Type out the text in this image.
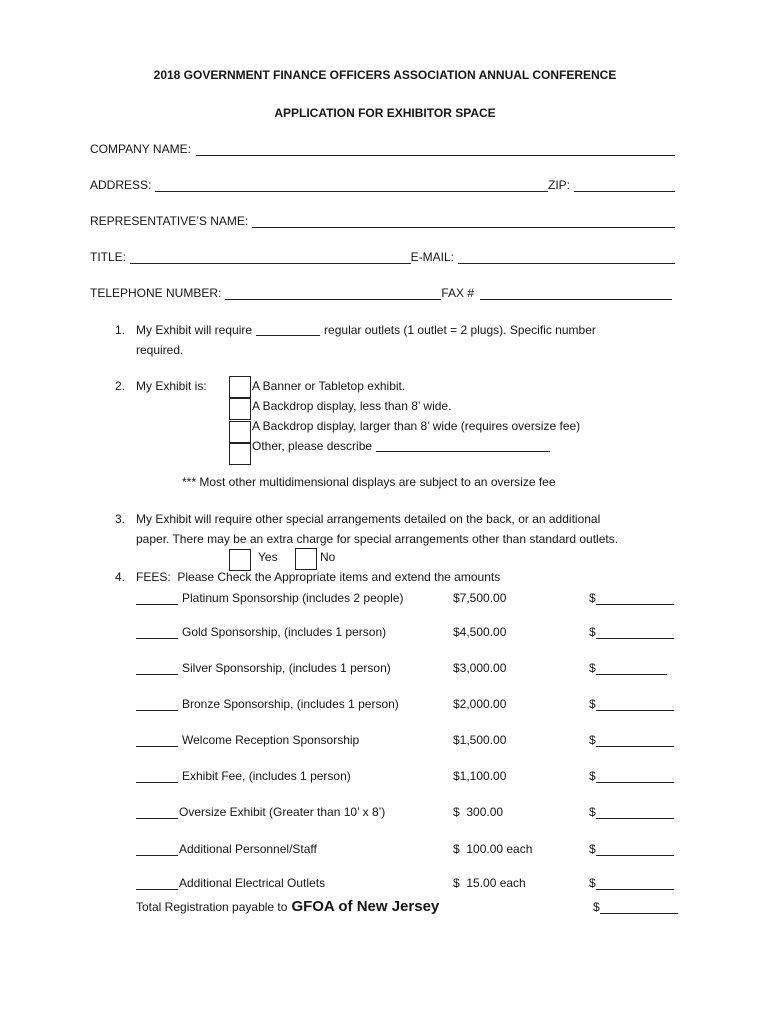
2018 GOVERNMENT FINANCE OFFICERS ASSOCIATION ANNUAL CONFERENCE
APPLICATION FOR EXHIBITOR SPACE
COMPANY NAME:
ADDRESS:	ZIP:
REPRESENTATIVE’S NAME:
TITLE:	E-MAIL:
TELEPHONE NUMBER:	FAX #
1. My Exhibit will require	regular outlets (1 outlet = 2 plugs). Specific number
required.
2. My Exhibit is:	A Banner or Tabletop exhibit.
A Backdrop display, less than 8’ wide.
A Backdrop display, larger than 8’ wide (requires oversize fee)
Other, please describe
*** Most other multidimensional displays are subject to an oversize fee
3. My Exhibit will require other special arrangements detailed on the back, or an additional
paper. There may be an extra charge for special arrangements other than standard outlets.
Yes	No
4. FEES:  Please Check the Appropriate items and extend the amounts
Platinum Sponsorship (includes 2 people)	$7,500.00	$
Gold Sponsorship, (includes 1 person)	$4,500.00	$
Silver Sponsorship, (includes 1 person)	$3,000.00	$
Bronze Sponsorship, (includes 1 person)	$2,000.00	$
Welcome Reception Sponsorship	$1,500.00	$
Exhibit Fee, (includes 1 person)	$1,100.00	$
Oversize Exhibit (Greater than 10’ x 8’)	$  300.00	$
Additional Personnel/Staff	$  100.00 each	$
Additional Electrical Outlets	$  15.00 each	$
Total Registration payable to GFOA of New Jersey	$
